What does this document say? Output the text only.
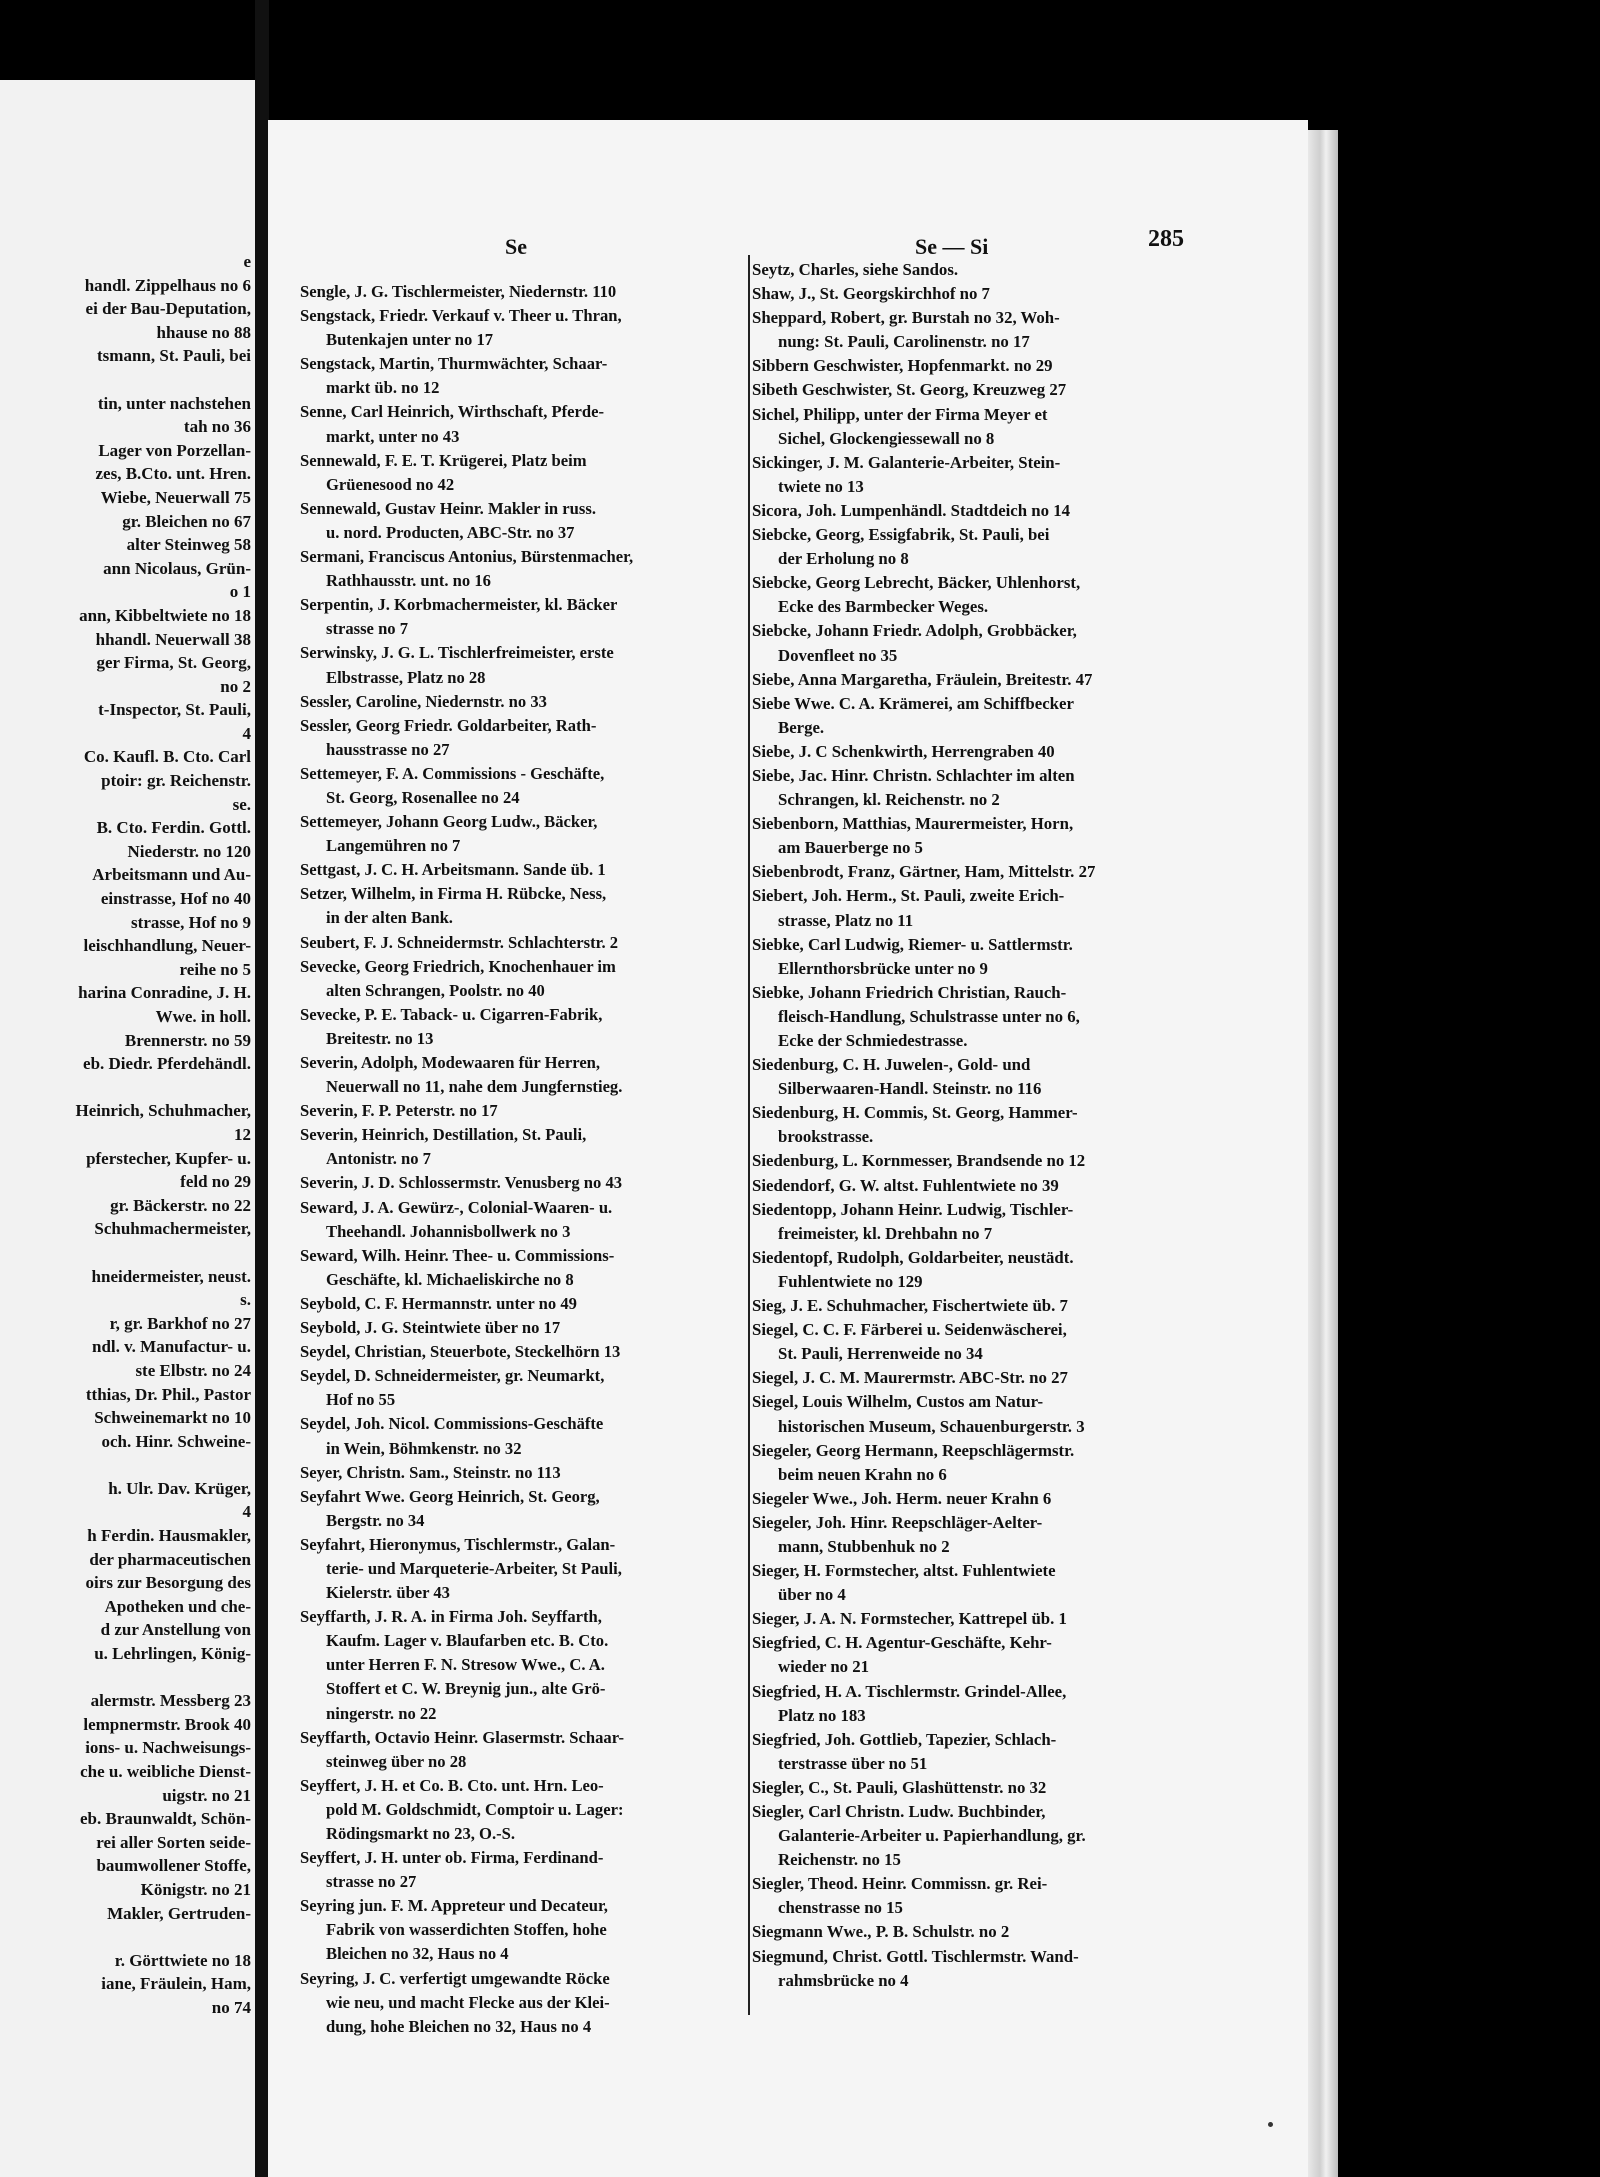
e
handl. Zippelhaus no 6
ei der Bau-Deputation,
hhause no 88
tsmann, St. Pauli, bei

tin, unter nachstehen
tah no 36
Lager von Porzellan-
zes, B.Cto. unt. Hren.
Wiebe, Neuerwall 75
gr. Bleichen no 67
alter Steinweg 58
ann Nicolaus, Grün-
o 1
ann, Kibbeltwiete no 18
hhandl. Neuerwall 38
ger Firma, St. Georg,
no 2
t-Inspector, St. Pauli,
4
Co. Kaufl. B. Cto. Carl
ptoir: gr. Reichenstr.
se.
B. Cto. Ferdin. Gottl.
Niederstr. no 120
Arbeitsmann und Au-
einstrasse, Hof no 40
strasse, Hof no 9
leischhandlung, Neuer-
reihe no 5
harina Conradine, J. H.
Wwe. in holl.
Brennerstr. no 59
eb. Diedr. Pferdehändl.

Heinrich, Schuhmacher,
12
pferstecher, Kupfer- u.
feld no 29
gr. Bäckerstr. no 22
Schuhmachermeister,

hneidermeister, neust.
s.
r, gr. Barkhof no 27
ndl. v. Manufactur- u.
ste Elbstr. no 24
tthias, Dr. Phil., Pastor
Schweinemarkt no 10
och. Hinr. Schweine-

h. Ulr. Dav. Krüger,
4
h Ferdin. Hausmakler,
der pharmaceutischen
oirs zur Besorgung des
Apotheken und che-
d zur Anstellung von
u. Lehrlingen, König-

alermstr. Messberg 23
lempnermstr. Brook 40
ions- u. Nachweisungs-
che u. weibliche Dienst-
uigstr. no 21
eb. Braunwaldt, Schön-
rei aller Sorten seide-
baumwollener Stoffe,
Königstr. no 21
Makler, Gertruden-

r. Görttwiete no 18
iane, Fräulein, Ham,
no 74
Se	Se — Si	285
Sengle, J. G. Tischlermeister, Niedernstr. 110
Sengstack, Friedr. Verkauf v. Theer u. Thran,
Butenkajen unter no 17
Sengstack, Martin, Thurmwächter, Schaar-
markt üb. no 12
Senne, Carl Heinrich, Wirthschaft, Pferde-
markt, unter no 43
Sennewald, F. E. T. Krügerei, Platz beim
Grüenesood no 42
Sennewald, Gustav Heinr. Makler in russ.
u. nord. Producten, ABC-Str. no 37
Sermani, Franciscus Antonius, Bürstenmacher,
Rathhausstr. unt. no 16
Serpentin, J. Korbmachermeister, kl. Bäcker
strasse no 7
Serwinsky, J. G. L. Tischlerfreimeister, erste
Elbstrasse, Platz no 28
Sessler, Caroline, Niedernstr. no 33
Sessler, Georg Friedr. Goldarbeiter, Rath-
hausstrasse no 27
Settemeyer, F. A. Commissions - Geschäfte,
St. Georg, Rosenallee no 24
Settemeyer, Johann Georg Ludw., Bäcker,
Langemühren no 7
Settgast, J. C. H. Arbeitsmann. Sande üb. 1
Setzer, Wilhelm, in Firma H. Rübcke, Ness,
in der alten Bank.
Seubert, F. J. Schneidermstr. Schlachterstr. 2
Sevecke, Georg Friedrich, Knochenhauer im
alten Schrangen, Poolstr. no 40
Sevecke, P. E. Taback- u. Cigarren-Fabrik,
Breitestr. no 13
Severin, Adolph, Modewaaren für Herren,
Neuerwall no 11, nahe dem Jungfernstieg.
Severin, F. P. Peterstr. no 17
Severin, Heinrich, Destillation, St. Pauli,
Antonistr. no 7
Severin, J. D. Schlossermstr. Venusberg no 43
Seward, J. A. Gewürz-, Colonial-Waaren- u.
Theehandl. Johannisbollwerk no 3
Seward, Wilh. Heinr. Thee- u. Commissions-
Geschäfte, kl. Michaeliskirche no 8
Seybold, C. F. Hermannstr. unter no 49
Seybold, J. G. Steintwiete über no 17
Seydel, Christian, Steuerbote, Steckelhörn 13
Seydel, D. Schneidermeister, gr. Neumarkt,
Hof no 55
Seydel, Joh. Nicol. Commissions-Geschäfte
in Wein, Böhmkenstr. no 32
Seyer, Christn. Sam., Steinstr. no 113
Seyfahrt Wwe. Georg Heinrich, St. Georg,
Bergstr. no 34
Seyfahrt, Hieronymus, Tischlermstr., Galan-
terie- und Marqueterie-Arbeiter, St Pauli,
Kielerstr. über 43
Seyffarth, J. R. A. in Firma Joh. Seyffarth,
Kaufm. Lager v. Blaufarben etc. B. Cto.
unter Herren F. N. Stresow Wwe., C. A.
Stoffert et C. W. Breynig jun., alte Grö-
ningerstr. no 22
Seyffarth, Octavio Heinr. Glasermstr. Schaar-
steinweg über no 28
Seyffert, J. H. et Co. B. Cto. unt. Hrn. Leo-
pold M. Goldschmidt, Comptoir u. Lager:
Rödingsmarkt no 23, O.-S.
Seyffert, J. H. unter ob. Firma, Ferdinand-
strasse no 27
Seyring jun. F. M. Appreteur und Decateur,
Fabrik von wasserdichten Stoffen, hohe
Bleichen no 32, Haus no 4
Seyring, J. C. verfertigt umgewandte Röcke
wie neu, und macht Flecke aus der Klei-
dung, hohe Bleichen no 32, Haus no 4
Seytz, Charles, siehe Sandos.
Shaw, J., St. Georgskirchhof no 7
Sheppard, Robert, gr. Burstah no 32, Woh-
nung: St. Pauli, Carolinenstr. no 17
Sibbern Geschwister, Hopfenmarkt. no 29
Sibeth Geschwister, St. Georg, Kreuzweg 27
Sichel, Philipp, unter der Firma Meyer et
Sichel, Glockengiessewall no 8
Sickinger, J. M. Galanterie-Arbeiter, Stein-
twiete no 13
Sicora, Joh. Lumpenhändl. Stadtdeich no 14
Siebcke, Georg, Essigfabrik, St. Pauli, bei
der Erholung no 8
Siebcke, Georg Lebrecht, Bäcker, Uhlenhorst,
Ecke des Barmbecker Weges.
Siebcke, Johann Friedr. Adolph, Grobbäcker,
Dovenfleet no 35
Siebe, Anna Margaretha, Fräulein, Breitestr. 47
Siebe Wwe. C. A. Krämerei, am Schiffbecker
Berge.
Siebe, J. C Schenkwirth, Herrengraben 40
Siebe, Jac. Hinr. Christn. Schlachter im alten
Schrangen, kl. Reichenstr. no 2
Siebenborn, Matthias, Maurermeister, Horn,
am Bauerberge no 5
Siebenbrodt, Franz, Gärtner, Ham, Mittelstr. 27
Siebert, Joh. Herm., St. Pauli, zweite Erich-
strasse, Platz no 11
Siebke, Carl Ludwig, Riemer- u. Sattlermstr.
Ellernthorsbrücke unter no 9
Siebke, Johann Friedrich Christian, Rauch-
fleisch-Handlung, Schulstrasse unter no 6,
Ecke der Schmiedestrasse.
Siedenburg, C. H. Juwelen-, Gold- und
Silberwaaren-Handl. Steinstr. no 116
Siedenburg, H. Commis, St. Georg, Hammer-
brookstrasse.
Siedenburg, L. Kornmesser, Brandsende no 12
Siedendorf, G. W. altst. Fuhlentwiete no 39
Siedentopp, Johann Heinr. Ludwig, Tischler-
freimeister, kl. Drehbahn no 7
Siedentopf, Rudolph, Goldarbeiter, neustädt.
Fuhlentwiete no 129
Sieg, J. E. Schuhmacher, Fischertwiete üb. 7
Siegel, C. C. F. Färberei u. Seidenwäscherei,
St. Pauli, Herrenweide no 34
Siegel, J. C. M. Maurermstr. ABC-Str. no 27
Siegel, Louis Wilhelm, Custos am Natur-
historischen Museum, Schauenburgerstr. 3
Siegeler, Georg Hermann, Reepschlägermstr.
beim neuen Krahn no 6
Siegeler Wwe., Joh. Herm. neuer Krahn 6
Siegeler, Joh. Hinr. Reepschläger-Aelter-
mann, Stubbenhuk no 2
Sieger, H. Formstecher, altst. Fuhlentwiete
über no 4
Sieger, J. A. N. Formstecher, Kattrepel üb. 1
Siegfried, C. H. Agentur-Geschäfte, Kehr-
wieder no 21
Siegfried, H. A. Tischlermstr. Grindel-Allee,
Platz no 183
Siegfried, Joh. Gottlieb, Tapezier, Schlach-
terstrasse über no 51
Siegler, C., St. Pauli, Glashüttenstr. no 32
Siegler, Carl Christn. Ludw. Buchbinder,
Galanterie-Arbeiter u. Papierhandlung, gr.
Reichenstr. no 15
Siegler, Theod. Heinr. Commissn. gr. Rei-
chenstrasse no 15
Siegmann Wwe., P. B. Schulstr. no 2
Siegmund, Christ. Gottl. Tischlermstr. Wand-
rahmsbrücke no 4
